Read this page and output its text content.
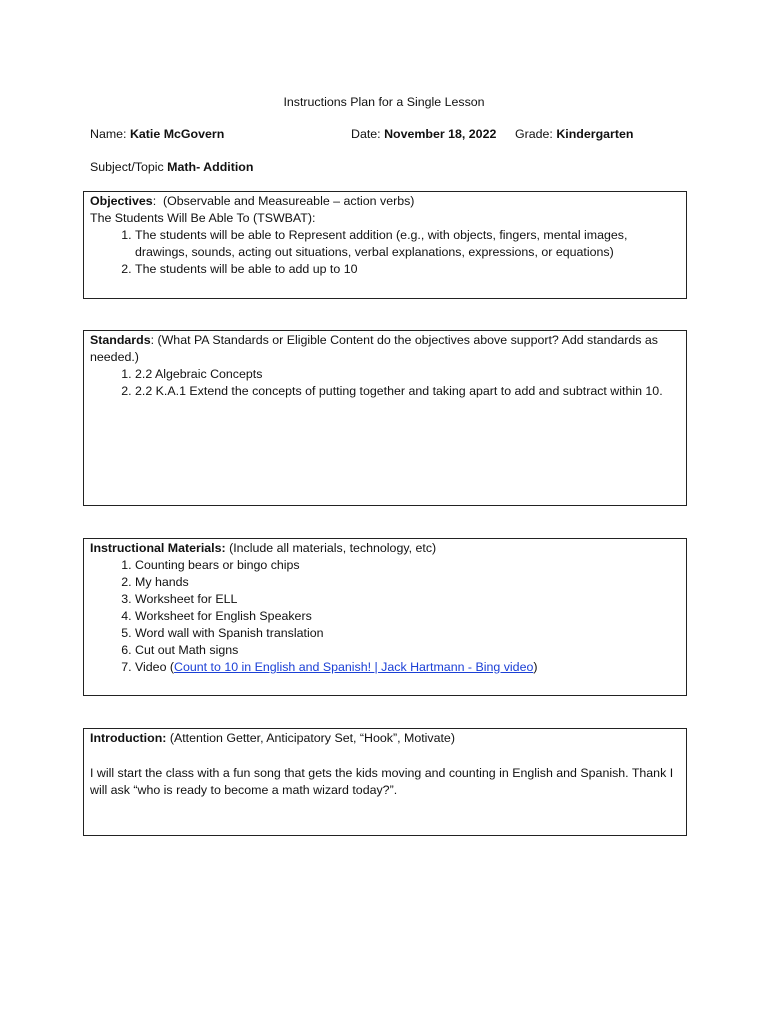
Instructions Plan for a Single Lesson
Name: Katie McGovern	Date: November 18, 2022 Grade: Kindergarten
Subject/Topic Math- Addition

Objectives: (Observable and Measureable – action verbs)

The Students Will Be Able To (TSWBAT):

1. The students will be able to Represent addition (e.g., with objects, fingers, mental images, drawings, sounds, acting out situations, verbal explanations, expressions, or equations)
2. The students will be able to add up to 10

Standards: (What PA Standards or Eligible Content do the objectives above support? Add standards as needed.)

1. 2.2 Algebraic Concepts
2. 2.2 K.A.1 Extend the concepts of putting together and taking apart to add and subtract within 10.

Instructional Materials: (Include all materials, technology, etc)

1. Counting bears or bingo chips
2. My hands
3. Worksheet for ELL
4. Worksheet for English Speakers
5. Word wall with Spanish translation
6. Cut out Math signs
7. Video (Count to 10 in English and Spanish! | Jack Hartmann - Bing video)

Introduction: (Attention Getter, Anticipatory Set, “Hook”, Motivate)

I will start the class with a fun song that gets the kids moving and counting in English and Spanish. Thank I will ask “who is ready to become a math wizard today?”.
